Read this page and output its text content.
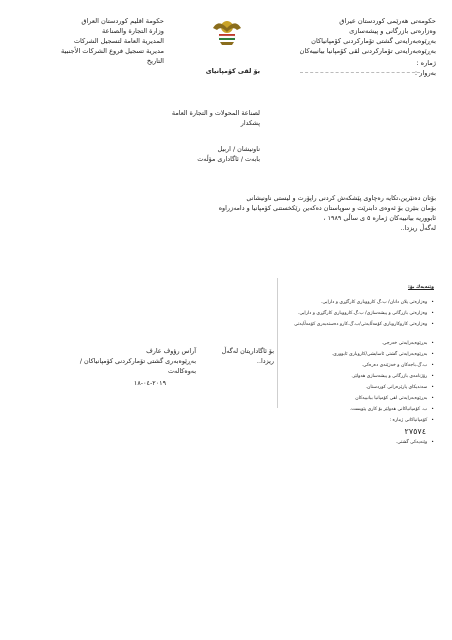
حكومەتی هەرێمی كوردستان عیراق
وەزارەتی بازرگانی و پیشەسازی
بەڕێوەبەرایەتی گشتی تۆمارکردنی کۆمپانیاکان
بەڕێوەبەرایەتی تۆمارکردنی لقی کۆمپانیا بیانییەکان
ژمارە :
بەروار :
حكومة اقليم كوردستان العراق
وزارة التجارة والصناعة
المديرية العامة لتسجيل الشركات
مديرية تسجيل فروع الشركات الأجنبية
التاريخ
بۆ لقی كۆمپانیای
لصناعة المحولات و التجارة العامة
پشكدار
ناونیشان / اربیل
بابەت / ئاگاداری مۆڵەت
بۆتان دەنێرین،تكایە رەچاوی پێشكەش كردنی راپۆرت و لیستی ناونیشانی
بۆمان بنێرن بۆ ئەوەی دابنرێت و سوپاستان دەكەین رێكخستنی كۆمپانیا و دامەزراوە
ئابووریە بیانییەكان ژمارە ٥ ی ساڵی ١٩٨٩ ،
لەگەڵ ریزدا..
آراس رؤوف عارف
بەڕێوەبەری گشتی تۆمارکردنی کۆمپانیاکان /
بەوەکالەت
٢٠١٩-٠٤-١٨
بۆ ئاگاداریتان لەگەڵ
ریزدا..
وێنەیەك بۆ:
• وەزارەتی پلان دانان/ ب.گ كارووباری كارگێڕی و دارایی.
• وەزارەتی بازرگانی و پیشەسازی/ ب.گ.كارووباری كارگێڕی و دارایی.
• وەزارەتی كاروكاروباری كۆمەڵایەتی/ب.گ.كارو دەستەبەری كۆمەڵایەتی
• بەڕێوەبەرایەتی خەرجی.
• بەڕێوەبەرایەتی گشتی ئاسایشی/كاروباری ئابووری.
• ب.گ.باجەكان و خەزێنەی دەرەكی.
• رۆژنامەی بازرگانی و پیشەسازی هەولێر.
• سەندیكای پارێزەرانی كوردستان.
• بەڕێوەبەرایەتی لقی كۆمپانیا بیانییەكان
• ب. كۆمپانیاكانی هەولێر بۆ كاری پێویست.
• كۆمپانیاكانی ژمارە :
٢٧٥٧٤
• وێنەیەكی گشتی.
